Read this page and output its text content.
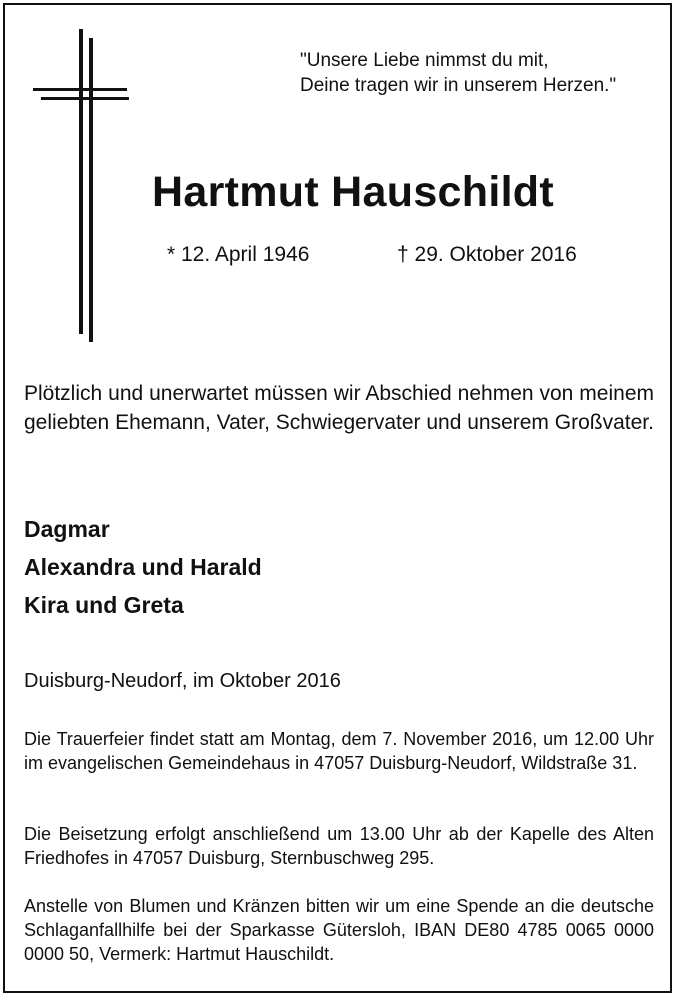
"Unsere Liebe nimmst du mit,
Deine tragen wir in unserem Herzen."
Hartmut Hauschildt
* 12. April 1946	† 29. Oktober 2016
Plötzlich und unerwartet müssen wir Abschied nehmen von meinem geliebten Ehemann, Vater, Schwiegervater und unserem Großvater.
Dagmar
Alexandra und Harald
Kira und Greta
Duisburg-Neudorf, im Oktober 2016
Die Trauerfeier findet statt am Montag, dem 7. November 2016, um 12.00 Uhr im evangelischen Gemeindehaus in 47057 Duisburg-Neudorf, Wildstraße 31.
Die Beisetzung erfolgt anschließend um 13.00 Uhr ab der Kapelle des Alten Friedhofes in 47057 Duisburg, Sternbuschweg 295.
Anstelle von Blumen und Kränzen bitten wir um eine Spende an die deutsche Schlaganfallhilfe bei der Sparkasse Gütersloh, IBAN DE80 4785 0065 0000 0000 50, Vermerk: Hartmut Hauschildt.
